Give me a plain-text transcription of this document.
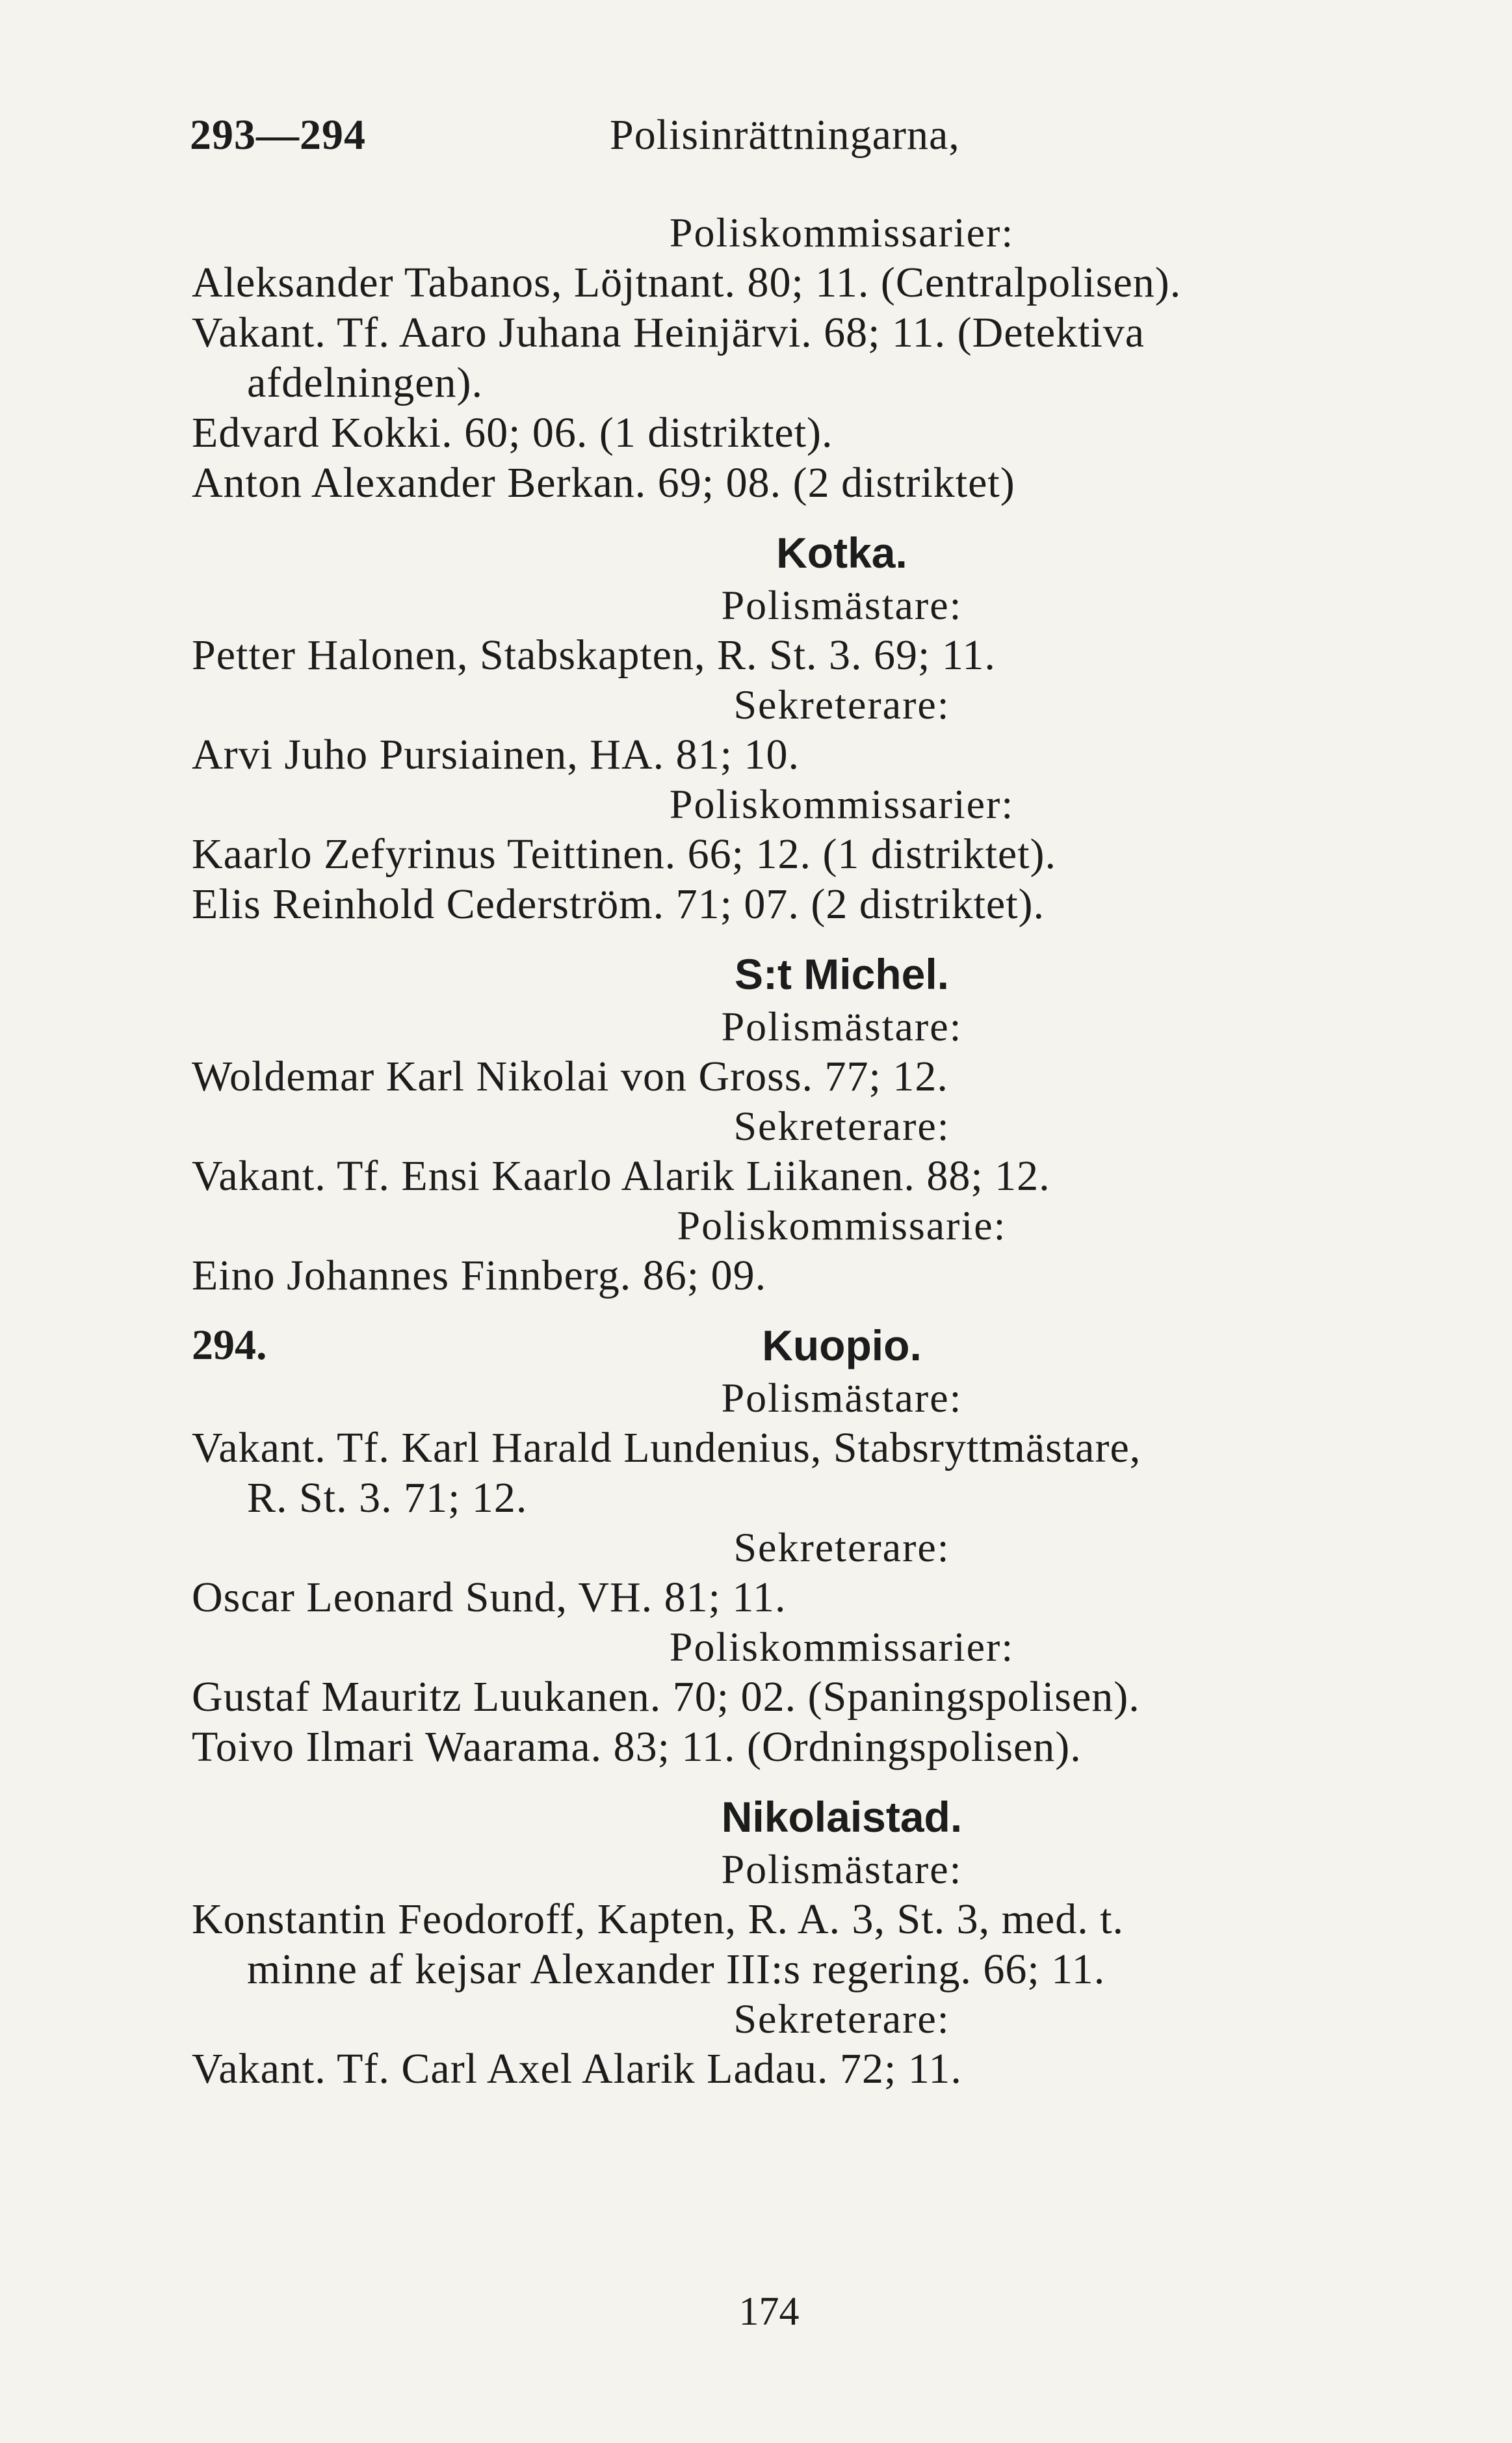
293—294	Polisinrättningarna,
Poliskommissarier:
Aleksander Tabanos, Löjtnant. 80; 11. (Centralpolisen).
Vakant. Tf. Aaro Juhana Heinjärvi. 68; 11. (Detektiva
afdelningen).
Edvard Kokki. 60; 06. (1 distriktet).
Anton Alexander Berkan. 69; 08. (2 distriktet)
Kotka.
Polismästare:
Petter Halonen, Stabskapten, R. St. 3. 69; 11.
Sekreterare:
Arvi Juho Pursiainen, HA. 81; 10.
Poliskommissarier:
Kaarlo Zefyrinus Teittinen. 66; 12. (1 distriktet).
Elis Reinhold Cederström. 71; 07. (2 distriktet).
S:t Michel.
Polismästare:
Woldemar Karl Nikolai von Gross. 77; 12.
Sekreterare:
Vakant. Tf. Ensi Kaarlo Alarik Liikanen. 88; 12.
Poliskommissarie:
Eino Johannes Finnberg. 86; 09.
294.	Kuopio.
Polismästare:
Vakant. Tf. Karl Harald Lundenius, Stabsryttmästare,
R. St. 3. 71; 12.
Sekreterare:
Oscar Leonard Sund, VH. 81; 11.
Poliskommissarier:
Gustaf Mauritz Luukanen. 70; 02. (Spaningspolisen).
Toivo Ilmari Waarama. 83; 11. (Ordningspolisen).
Nikolaistad.
Polismästare:
Konstantin Feodoroff, Kapten, R. A. 3, St. 3, med. t.
minne af kejsar Alexander III:s regering. 66; 11.
Sekreterare:
Vakant. Tf. Carl Axel Alarik Ladau. 72; 11.
174
